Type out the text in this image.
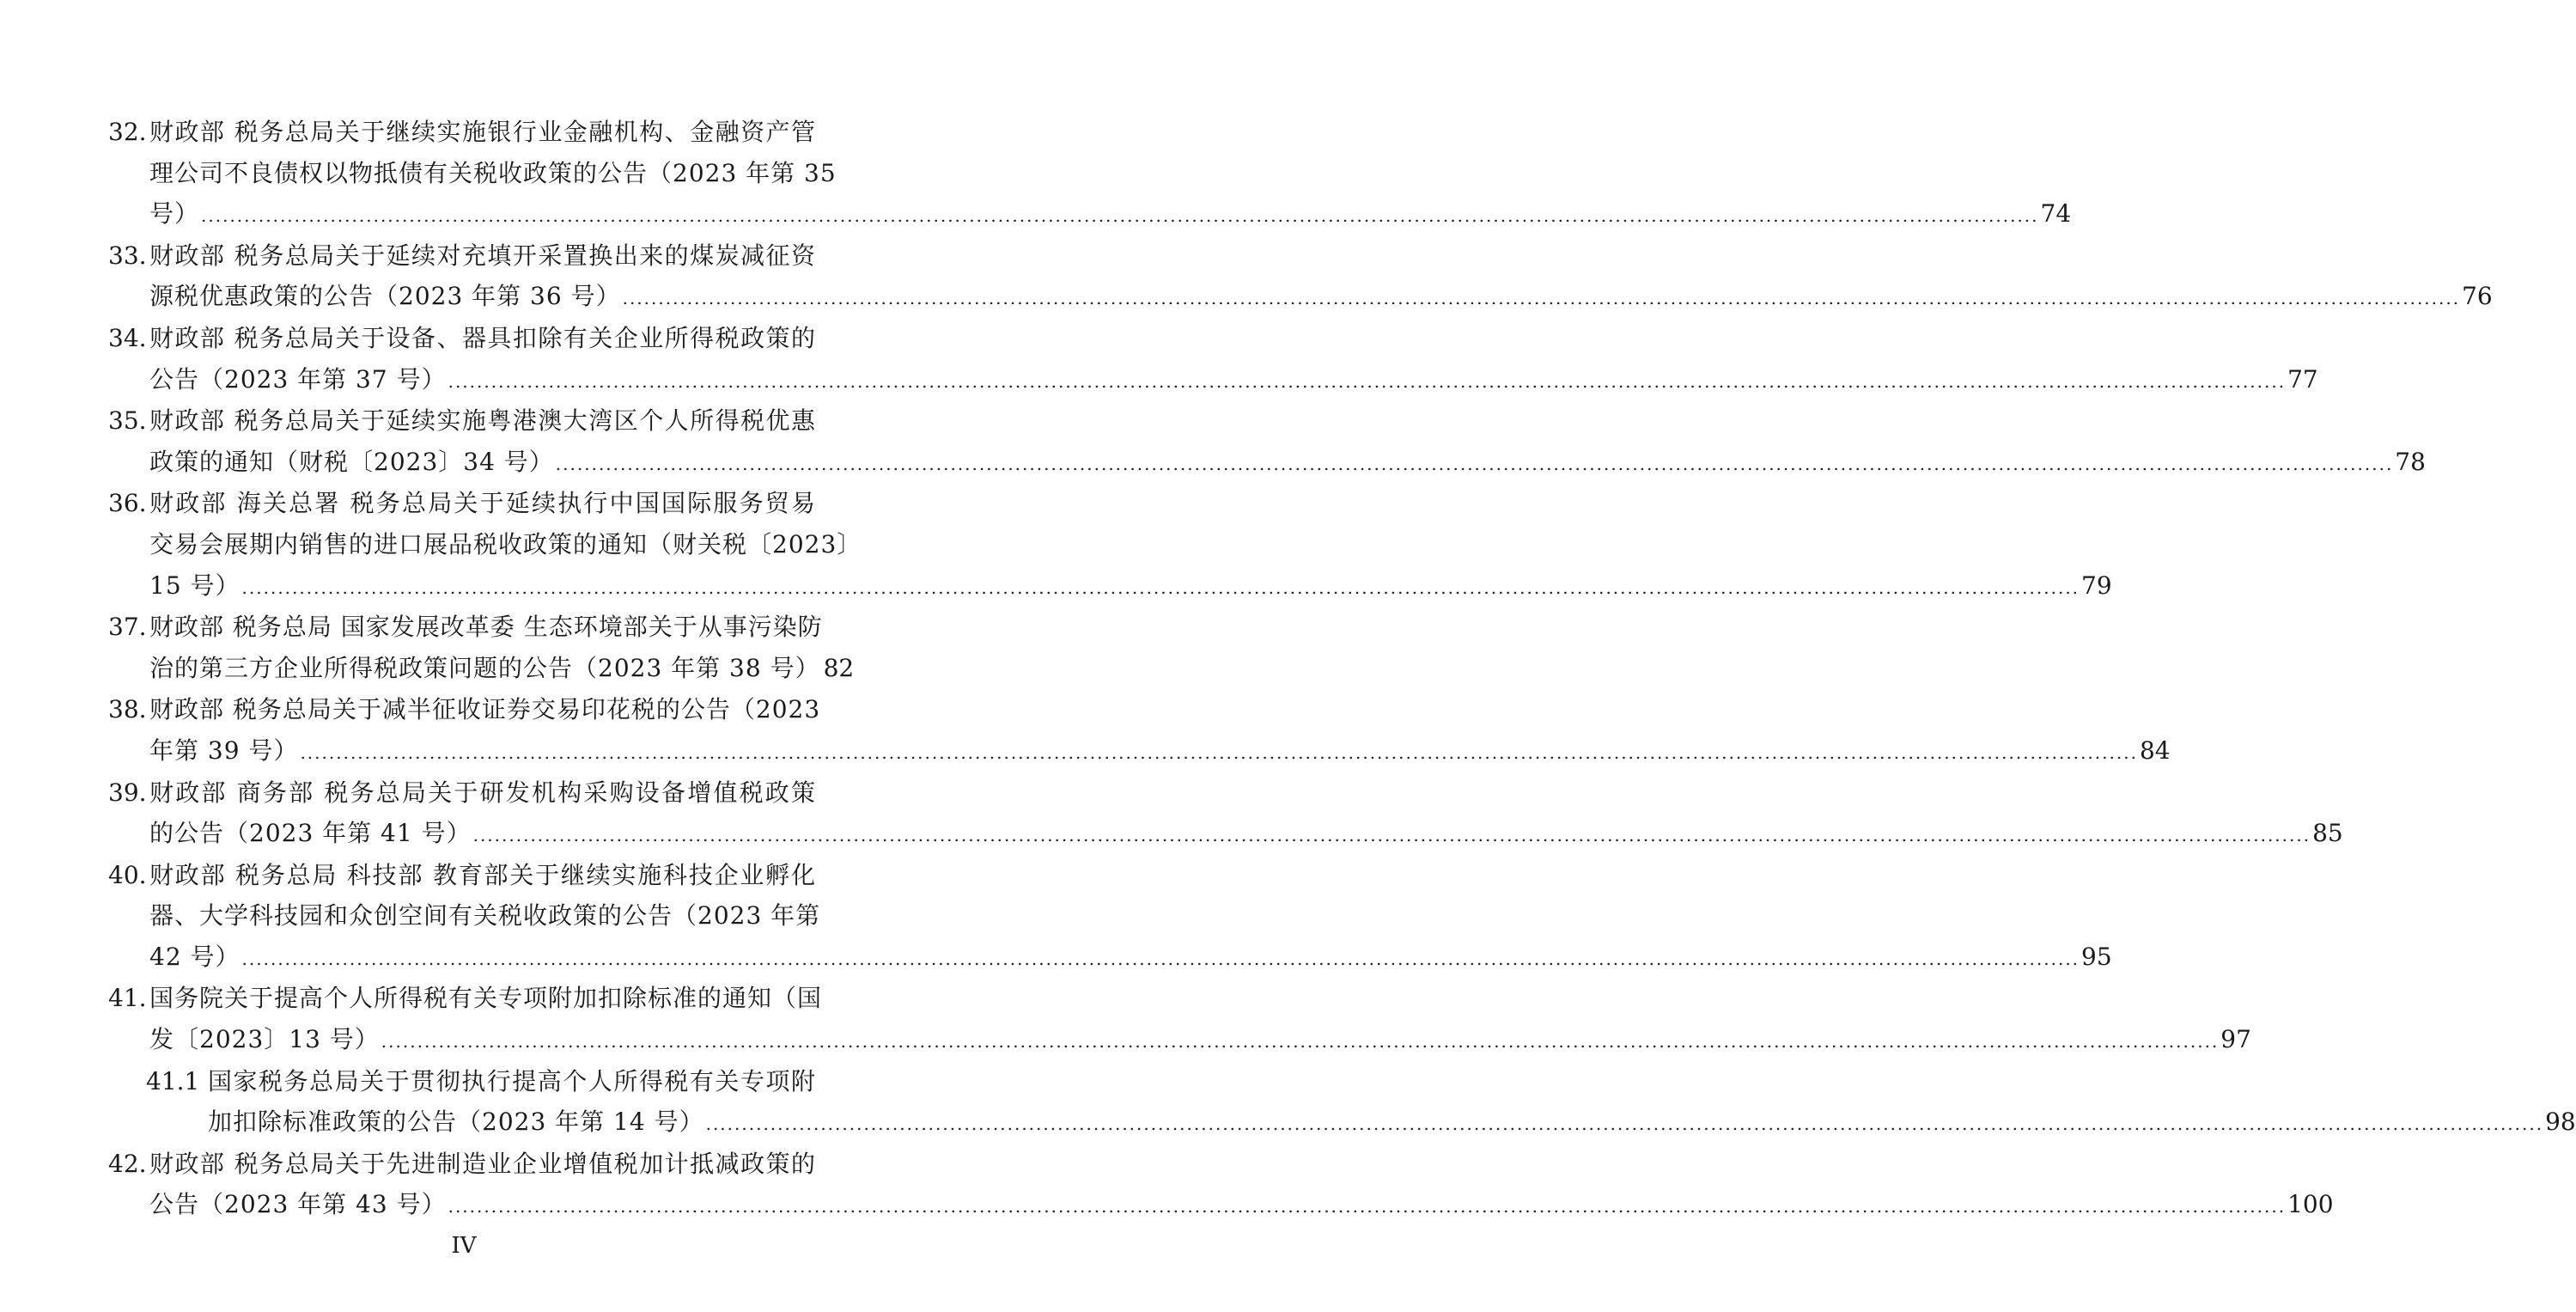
32. 财政部 税务总局关于继续实施银行业金融机构、金融资产管
理公司不良债权以物抵债有关税收政策的公告（2023 年第 35
号） .....	74
33. 财政部 税务总局关于延续对充填开采置换出来的煤炭减征资
源税优惠政策的公告（2023 年第 36 号） .....	76
34. 财政部 税务总局关于设备、器具扣除有关企业所得税政策的
公告（2023 年第 37 号） .....	77
35. 财政部 税务总局关于延续实施粤港澳大湾区个人所得税优惠
政策的通知（财税〔2023〕34 号） .....	78
36. 财政部 海关总署 税务总局关于延续执行中国国际服务贸易
交易会展期内销售的进口展品税收政策的通知（财关税〔2023〕
15 号） .....	79
37. 财政部 税务总局 国家发展改革委 生态环境部关于从事污染防
治的第三方企业所得税政策问题的公告（2023 年第 38 号） 82
38. 财政部 税务总局关于减半征收证券交易印花税的公告（2023
年第 39 号） .....	84
39. 财政部 商务部 税务总局关于研发机构采购设备增值税政策
的公告（2023 年第 41 号） .....	85
40. 财政部 税务总局 科技部 教育部关于继续实施科技企业孵化
器、大学科技园和众创空间有关税收政策的公告（2023 年第
42 号） .....	95
41. 国务院关于提高个人所得税有关专项附加扣除标准的通知（国
发〔2023〕13 号） .....	97
41.1 国家税务总局关于贯彻执行提高个人所得税有关专项附
加扣除标准政策的公告（2023 年第 14 号） .....	98
42. 财政部 税务总局关于先进制造业企业增值税加计抵减政策的
公告（2023 年第 43 号） .....	100
IV
